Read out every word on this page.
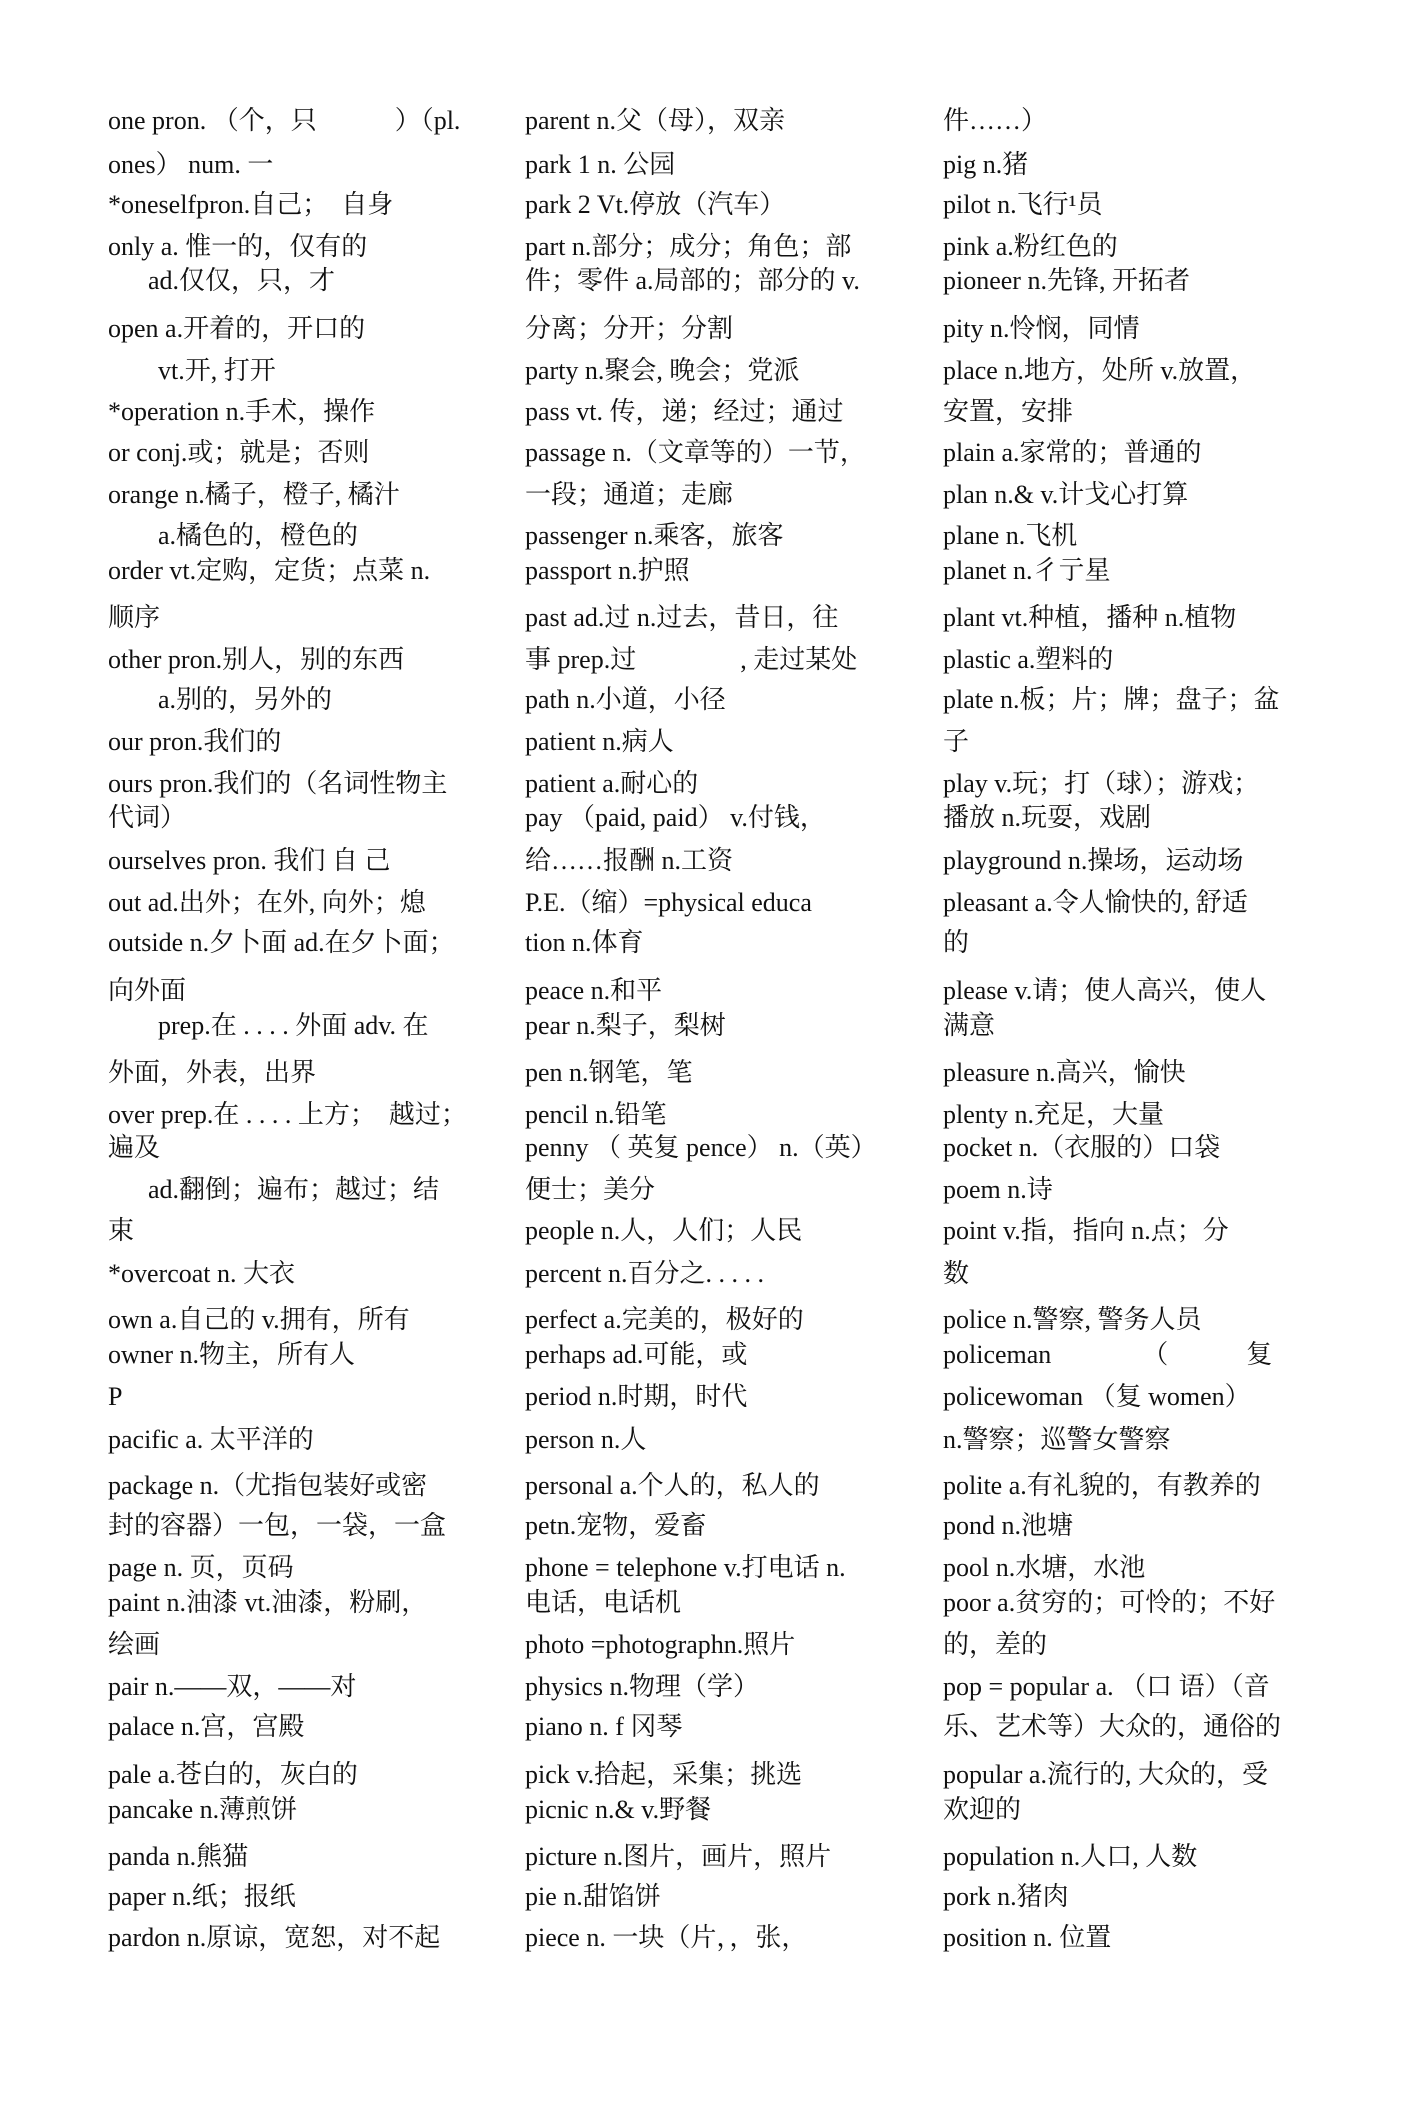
one pron. （个，只　　　）（pl.
ones） num. 一
*oneselfpron.自己；　自身
only a. 惟一的，仅有的
ad.仅仅，只，才
open a.开着的，开口的
vt.开, 打开
*operation n.手术，操作
or conj.或；就是；否则
orange n.橘子，橙子, 橘汁
a.橘色的，橙色的
order vt.定购，定货；点菜 n.
顺序
other pron.别人，别的东西
a.别的，另外的
our pron.我们的
ours pron.我们的（名词性物主
代词）
ourselves pron. 我们 自 己
out ad.出外；在外, 向外；熄
outside n.夕卜面 ad.在夕卜面；
向外面
prep.在 . . . . 外面 adv. 在
外面，外表，出界
over prep.在 . . . . 上方；　越过；
遍及
ad.翻倒；遍布；越过；结
束
*overcoat n. 大衣
own a.自己的 v.拥有，所有
owner n.物主，所有人
P
pacific a. 太平洋的
package n.（尤指包装好或密
封的容器）一包，一袋，一盒
page n. 页，页码
paint n.油漆 vt.油漆，粉刷，
绘画
pair n.——双，——对
palace n.宫，宫殿
pale a.苍白的，灰白的
pancake n.薄煎饼
panda n.熊猫
paper n.纸；报纸
pardon n.原谅，宽恕，对不起
parent n.父（母），双亲
park 1 n. 公园
park 2 Vt.停放（汽车）
part n.部分；成分；角色；部
件；零件 a.局部的；部分的 v.
分离；分开；分割
party n.聚会, 晚会；党派
pass vt. 传，递；经过；通过
passage n.（文章等的）一节，
一段；通道；走廊
passenger n.乘客，旅客
passport n.护照
past ad.过 n.过去，昔日，往
事 prep.过　　　　, 走过某处
path n.小道，小径
patient n.病人
patient a.耐心的
pay （paid, paid） v.付钱，
给……报酬 n.工资
P.E.（缩）=physical educa
tion n.体育
peace n.和平
pear n.梨子，梨树
pen n.钢笔，笔
pencil n.铅笔
penny （ 英复 pence） n.（英）
便士；美分
people n.人，人们；人民
percent n.百分之. . . . .
perfect a.完美的，极好的
perhaps ad.可能，或
period n.时期，时代
person n.人
personal a.个人的，私人的
petn.宠物，爱畜
phone = telephone v.打电话 n.
电话，电话机
photo =photographn.照片
physics n.物理（学）
piano n. f 冈琴
pick v.拾起，采集；挑选
picnic n.& v.野餐
picture n.图片，画片，照片
pie n.甜馅饼
piece n. 一块（片，，张，
件……）
pig n.猪
pilot n.飞行¹员
pink a.粉红色的
pioneer n.先锋, 开拓者
pity n.怜悯，同情
place n.地方，处所 v.放置，
安置，安排
plain a.家常的；普通的
plan n.& v.计戈心打算
plane n.飞机
planet n.彳亍星
plant vt.种植，播种 n.植物
plastic a.塑料的
plate n.板；片；牌；盘子；盆
子
play v.玩；打（球）；游戏；
播放 n.玩耍，戏剧
playground n.操场，运动场
pleasant a.令人愉快的, 舒适
的
please v.请；使人高兴，使人
满意
pleasure n.高兴，愉快
plenty n.充足，大量
pocket n.（衣服的）口袋
poem n.诗
point v.指，指向 n.点；分
数
police n.警察, 警务人员
policeman　　　　（　　　复
policewoman （复 women）
n.警察；巡警女警察
polite a.有礼貌的，有教养的
pond n.池塘
pool n.水塘，水池
poor a.贫穷的；可怜的；不好
的，差的
pop = popular a. （口 语）（音
乐、艺术等）大众的，通俗的
popular a.流行的, 大众的，受
欢迎的
population n.人口, 人数
pork n.猪肉
position n. 位置
